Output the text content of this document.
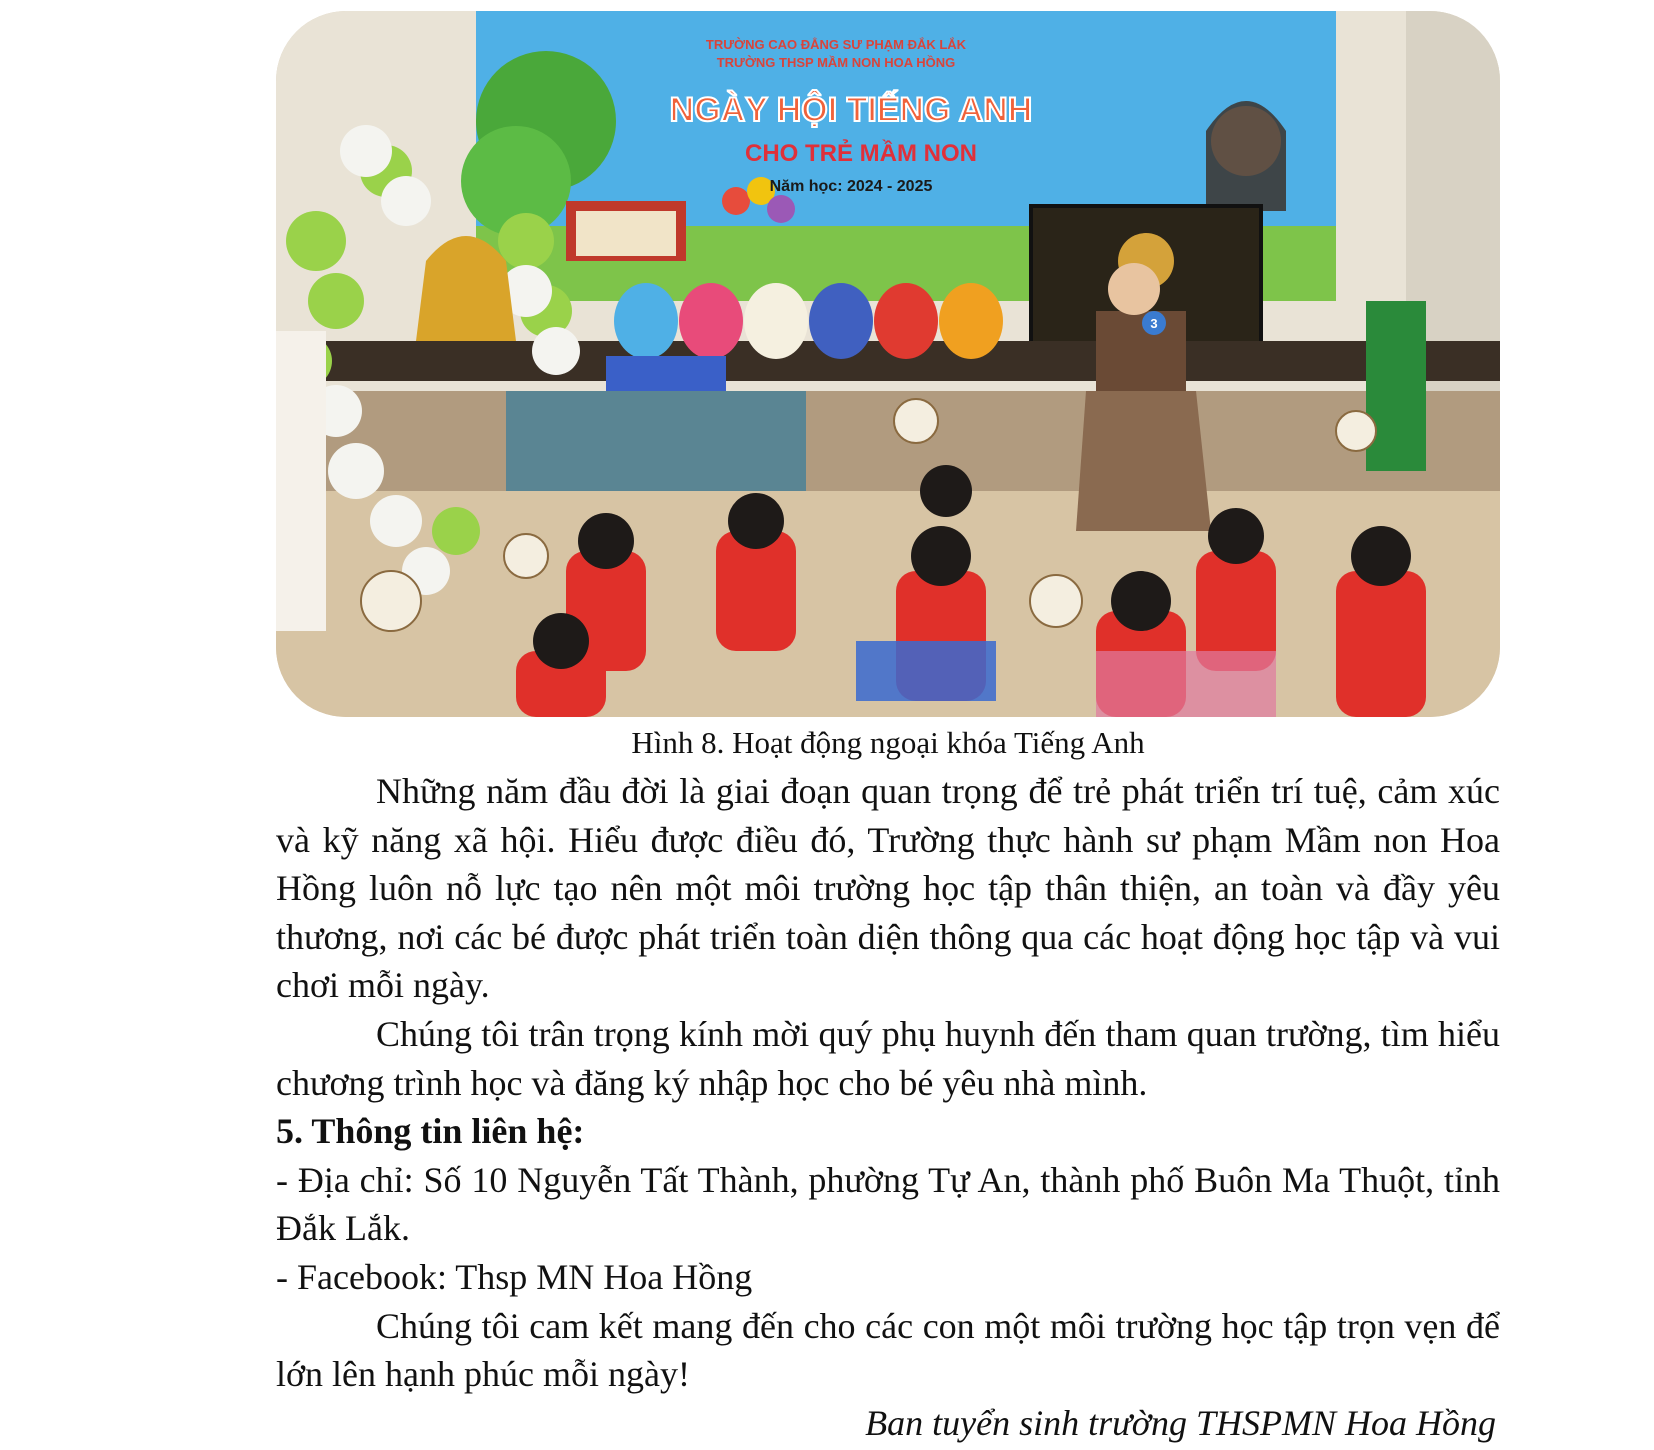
TRƯỜNG CAO ĐẲNG SƯ PHẠM ĐẮK LẮK
TRƯỜNG THSP MẦM NON HOA HỒNG
NGÀY HỘI TIẾNG ANH
CHO TRẺ MẦM NON
Năm học: 2024 - 2025
3

Hình 8. Hoạt động ngoại khóa Tiếng Anh

Những năm đầu đời là giai đoạn quan trọng để trẻ phát triển trí tuệ, cảm xúc và kỹ năng xã hội. Hiểu được điều đó, Trường thực hành sư phạm Mầm non Hoa Hồng luôn nỗ lực tạo nên một môi trường học tập thân thiện, an toàn và đầy yêu thương, nơi các bé được phát triển toàn diện thông qua các hoạt động học tập và vui chơi mỗi ngày.

Chúng tôi trân trọng kính mời quý phụ huynh đến tham quan trường, tìm hiểu chương trình học và đăng ký nhập học cho bé yêu nhà mình.

5. Thông tin liên hệ:

- Địa chỉ: Số 10 Nguyễn Tất Thành, phường Tự An, thành phố Buôn Ma Thuột, tỉnh Đắk Lắk.

- Facebook: Thsp MN Hoa Hồng

Chúng tôi cam kết mang đến cho các con một môi trường học tập trọn vẹn để lớn lên hạnh phúc mỗi ngày!

Ban tuyển sinh trường THSPMN Hoa Hồng
